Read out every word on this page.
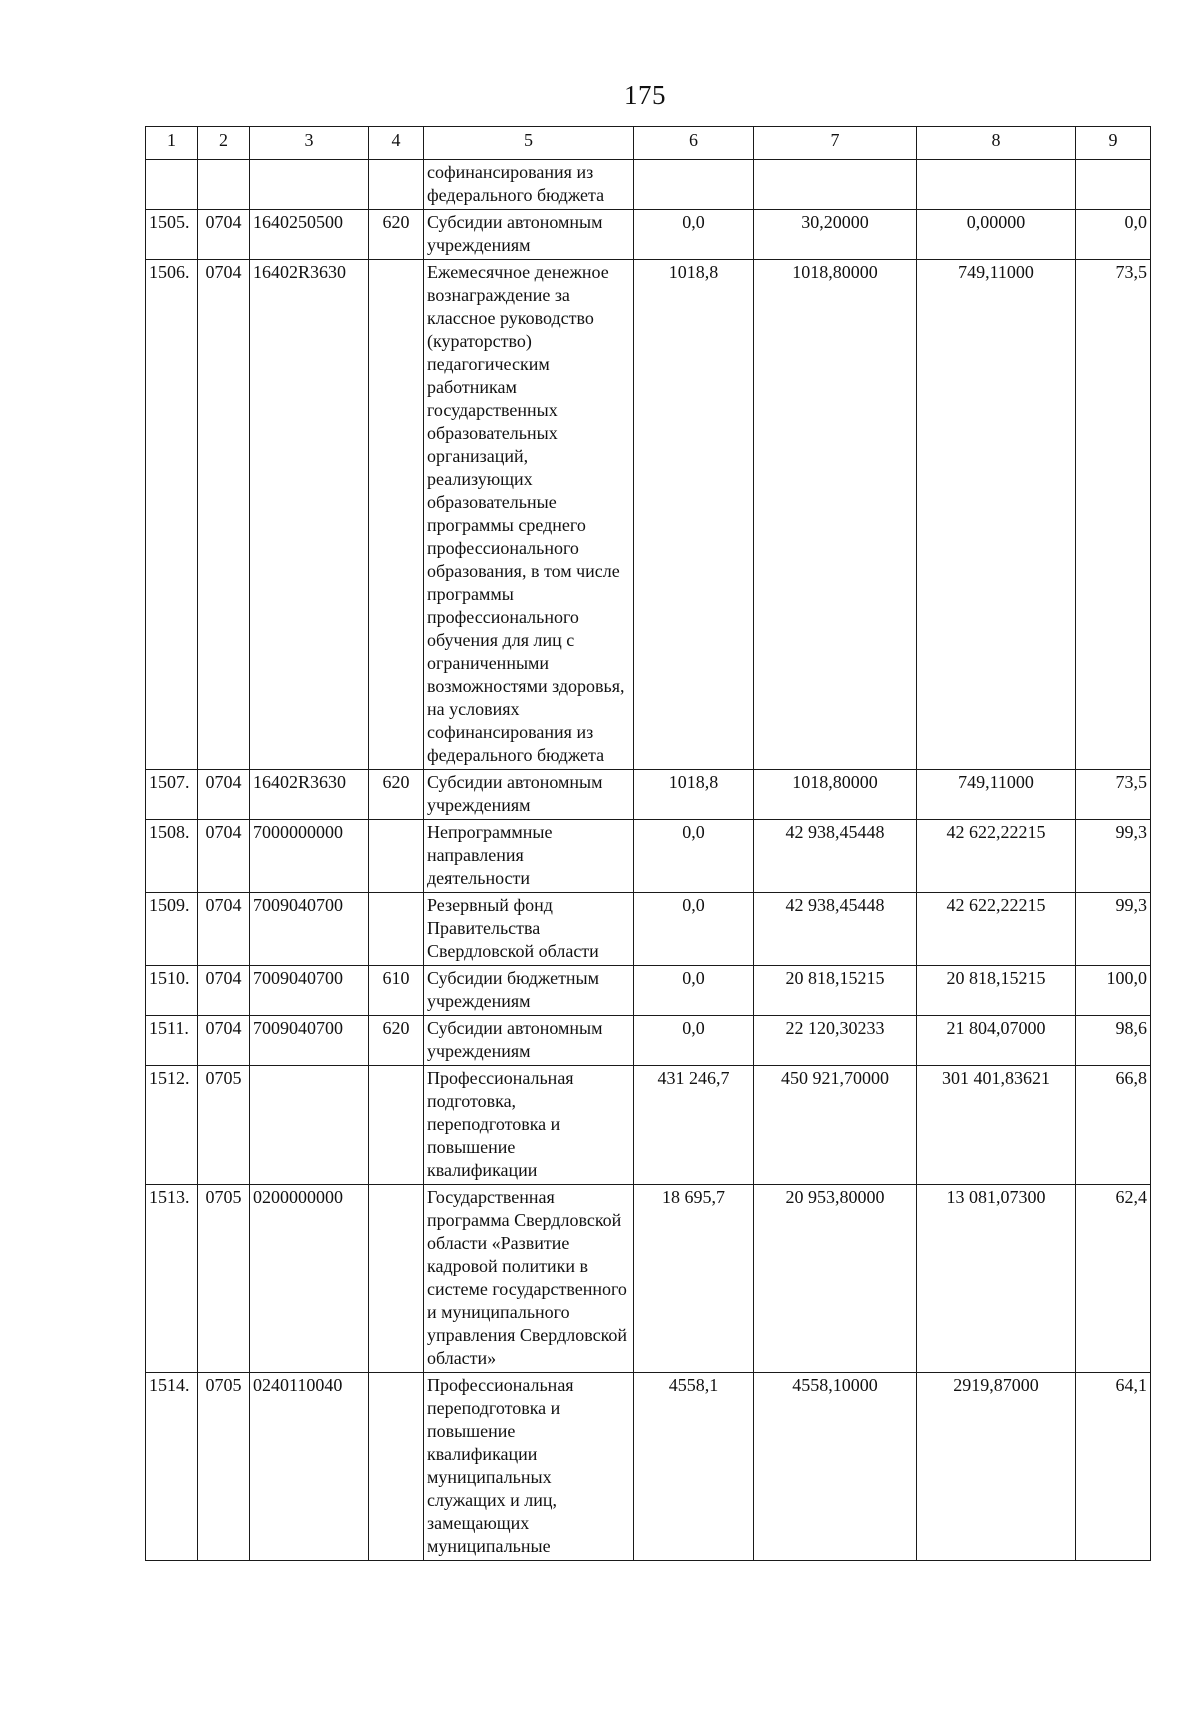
175
1	2	3	4	5	6	7	8	9
				софинансирования из федерального бюджета				
1505.	0704	1640250500	620	Субсидии автономным учреждениям	0,0	30,20000	0,00000	0,0
1506.	0704	16402R3630		Ежемесячное денежное вознаграждение за классное руководство (кураторство) педагогическим работникам государственных образовательных организаций, реализующих образовательные программы среднего профессионального образования, в том числе программы профессионального обучения для лиц с ограниченными возможностями здоровья, на условиях софинансирования из федерального бюджета	1018,8	1018,80000	749,11000	73,5
1507.	0704	16402R3630	620	Субсидии автономным учреждениям	1018,8	1018,80000	749,11000	73,5
1508.	0704	7000000000		Непрограммные направления деятельности	0,0	42 938,45448	42 622,22215	99,3
1509.	0704	7009040700		Резервный фонд Правительства Свердловской области	0,0	42 938,45448	42 622,22215	99,3
1510.	0704	7009040700	610	Субсидии бюджетным учреждениям	0,0	20 818,15215	20 818,15215	100,0
1511.	0704	7009040700	620	Субсидии автономным учреждениям	0,0	22 120,30233	21 804,07000	98,6
1512.	0705			Профессиональная подготовка, переподготовка и повышение квалификации	431 246,7	450 921,70000	301 401,83621	66,8
1513.	0705	0200000000		Государственная программа Свердловской области «Развитие кадровой политики в системе государственного и муниципального управления Свердловской области»	18 695,7	20 953,80000	13 081,07300	62,4
1514.	0705	0240110040		Профессиональная переподготовка и повышение квалификации муниципальных служащих и лиц, замещающих муниципальные	4558,1	4558,10000	2919,87000	64,1
